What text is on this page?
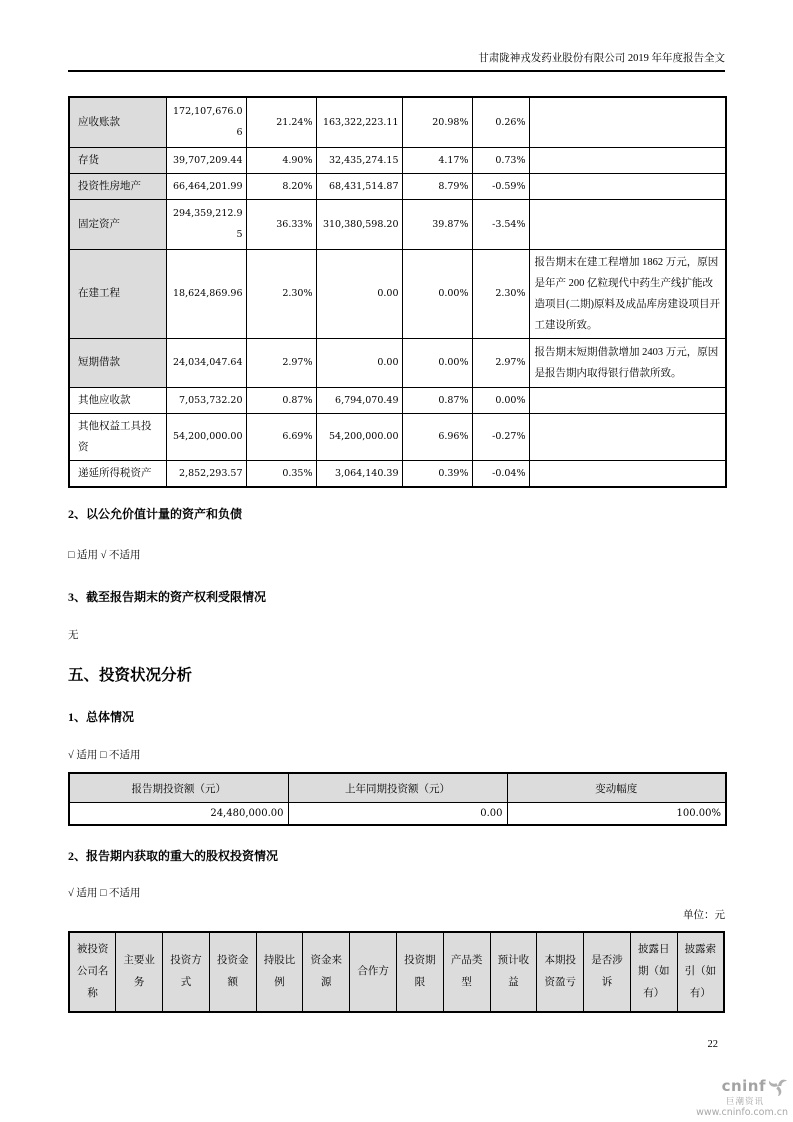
甘肃陇神戎发药业股份有限公司 2019 年年度报告全文
应收账款	172,107,676.06	21.24%	163,322,223.11	20.98%	0.26%	
存货	39,707,209.44	4.90%	32,435,274.15	4.17%	0.73%	
投资性房地产	66,464,201.99	8.20%	68,431,514.87	8.79%	-0.59%	
固定资产	294,359,212.95	36.33%	310,380,598.20	39.87%	-3.54%	
在建工程	18,624,869.96	2.30%	0.00	0.00%	2.30%	报告期末在建工程增加 1862 万元，原因是年产 200 亿粒现代中药生产线扩能改造项目(二期)原料及成品库房建设项目开工建设所致。
短期借款	24,034,047.64	2.97%	0.00	0.00%	2.97%	报告期末短期借款增加 2403 万元，原因是报告期内取得银行借款所致。
其他应收款	7,053,732.20	0.87%	6,794,070.49	0.87%	0.00%	
其他权益工具投资	54,200,000.00	6.69%	54,200,000.00	6.96%	-0.27%	
递延所得税资产	2,852,293.57	0.35%	3,064,140.39	0.39%	-0.04%	
2、以公允价值计量的资产和负债
□ 适用 √ 不适用
3、截至报告期末的资产权利受限情况
无
五、投资状况分析
1、总体情况
√ 适用 □ 不适用
报告期投资额（元）	上年同期投资额（元）	变动幅度
24,480,000.00	0.00	100.00%
2、报告期内获取的重大的股权投资情况
√ 适用 □ 不适用
单位：元
被投资公司名称	主要业务	投资方式	投资金额	持股比例	资金来源	合作方	投资期限	产品类型	预计收益	本期投资盈亏	是否涉诉	披露日期（如有）	披露索引（如有）
22
cninf
巨潮资讯
www.cninfo.com.cn
